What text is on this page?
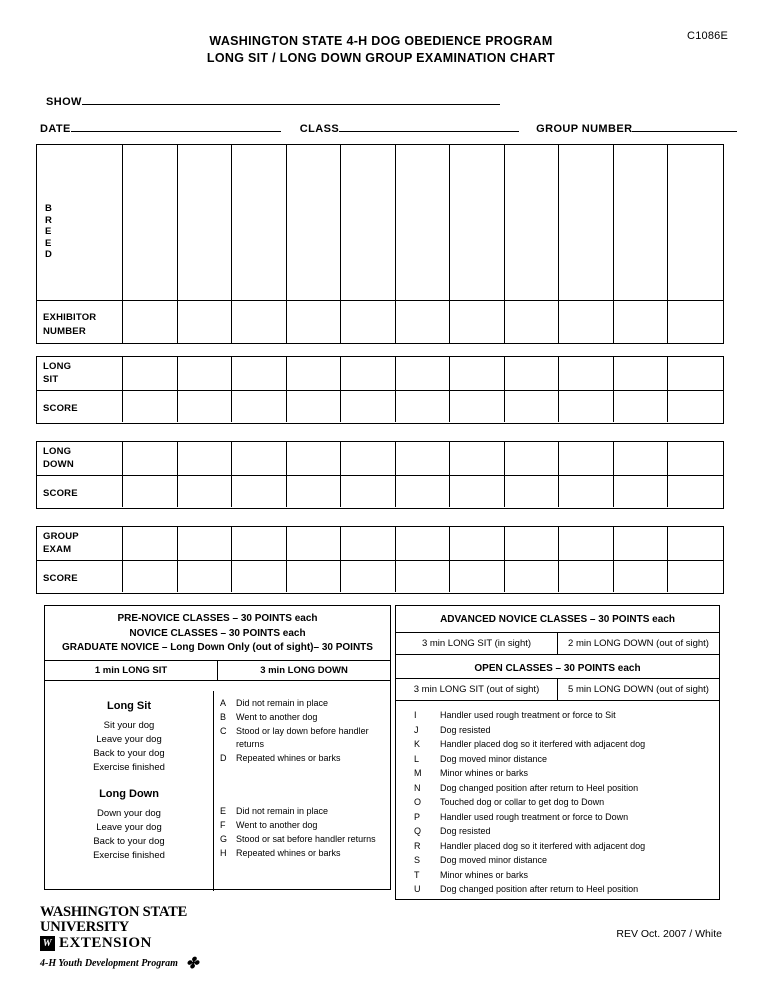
C1086E
WASHINGTON STATE 4-H DOG OBEDIENCE PROGRAM
LONG SIT / LONG DOWN GROUP EXAMINATION CHART
SHOW
DATE	CLASS	GROUP NUMBER
B
R
E
E
D
EXHIBITOR
NUMBER
LONG
SIT
SCORE
LONG
DOWN
SCORE
GROUP
EXAM
SCORE
PRE-NOVICE CLASSES – 30 POINTS each
NOVICE CLASSES – 30 POINTS each
GRADUATE NOVICE – Long Down Only (out of sight)– 30 POINTS
1 min LONG SIT	3 min LONG DOWN
Long Sit
Sit your dog
Leave your dog
Back to your dog
Exercise finished
Long Down
Down your dog
Leave your dog
Back to your dog
Exercise finished
A	Did not remain in place
B	Went to another dog
C	Stood or lay down before handler returns
D	Repeated whines or barks
E	Did not remain in place
F	Went to another dog
G Stood or sat before handler returns
H	Repeated whines or barks
ADVANCED NOVICE CLASSES – 30 POINTS each
3 min LONG SIT (in sight)	2 min LONG DOWN (out of sight)
OPEN CLASSES – 30 POINTS each
3 min LONG SIT (out of sight)	5 min LONG DOWN (out of sight)
I	Handler used rough treatment or force to Sit
J	Dog resisted
K	Handler placed dog so it iterfered with adjacent dog
L	Dog moved minor distance
M	Minor whines or barks
N	Dog changed position after return to Heel position
O	Touched dog or collar to get dog to Down
P	Handler used rough treatment or force to Down
Q	Dog resisted
R	Handler placed dog so it iterfered with adjacent dog
S	Dog moved minor distance
T	Minor whines or barks
U	Dog changed position after return to Heel position
WASHINGTON STATE UNIVERSITY
W EXTENSION
4-H Youth Development Program ✤
REV Oct. 2007 / White
